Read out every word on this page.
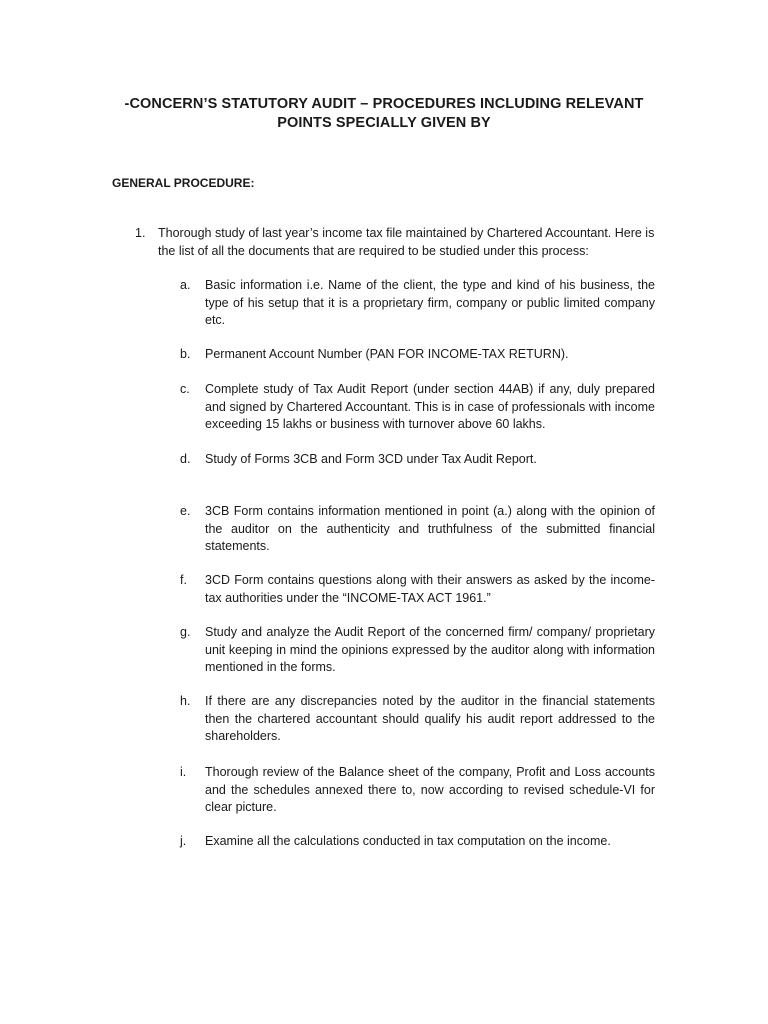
-CONCERN’S STATUTORY AUDIT – PROCEDURES INCLUDING RELEVANT
POINTS SPECIALLY GIVEN BY
GENERAL PROCEDURE:
1. Thorough study of last year’s income tax file maintained by Chartered Accountant. Here is the list of all the documents that are required to be studied under this process:
a.	Basic information i.e. Name of the client, the type and kind of his business, the type of his setup that it is a proprietary firm, company or public limited company etc.
b.	Permanent Account Number (PAN FOR INCOME-TAX RETURN).
c.	Complete study of Tax Audit Report (under section 44AB) if any, duly prepared and signed by Chartered Accountant. This is in case of professionals with income exceeding 15 lakhs or business with turnover above 60 lakhs.
d.	Study of Forms 3CB and Form 3CD under Tax Audit Report.
e.	3CB Form contains information mentioned in point (a.) along with the opinion of the auditor on the authenticity and truthfulness of the submitted financial statements.
f.	3CD Form contains questions along with their answers as asked by the income-tax authorities under the “INCOME-TAX ACT 1961.”
g.	Study and analyze the Audit Report of the concerned firm/ company/ proprietary unit keeping in mind the opinions expressed by the auditor along with information mentioned in the forms.
h.	If there are any discrepancies noted by the auditor in the financial statements then the chartered accountant should qualify his audit report addressed to the shareholders.
i.	Thorough review of the Balance sheet of the company, Profit and Loss accounts and the schedules annexed there to, now according to revised schedule-VI for clear picture.
j.	Examine all the calculations conducted in tax computation on the income.
